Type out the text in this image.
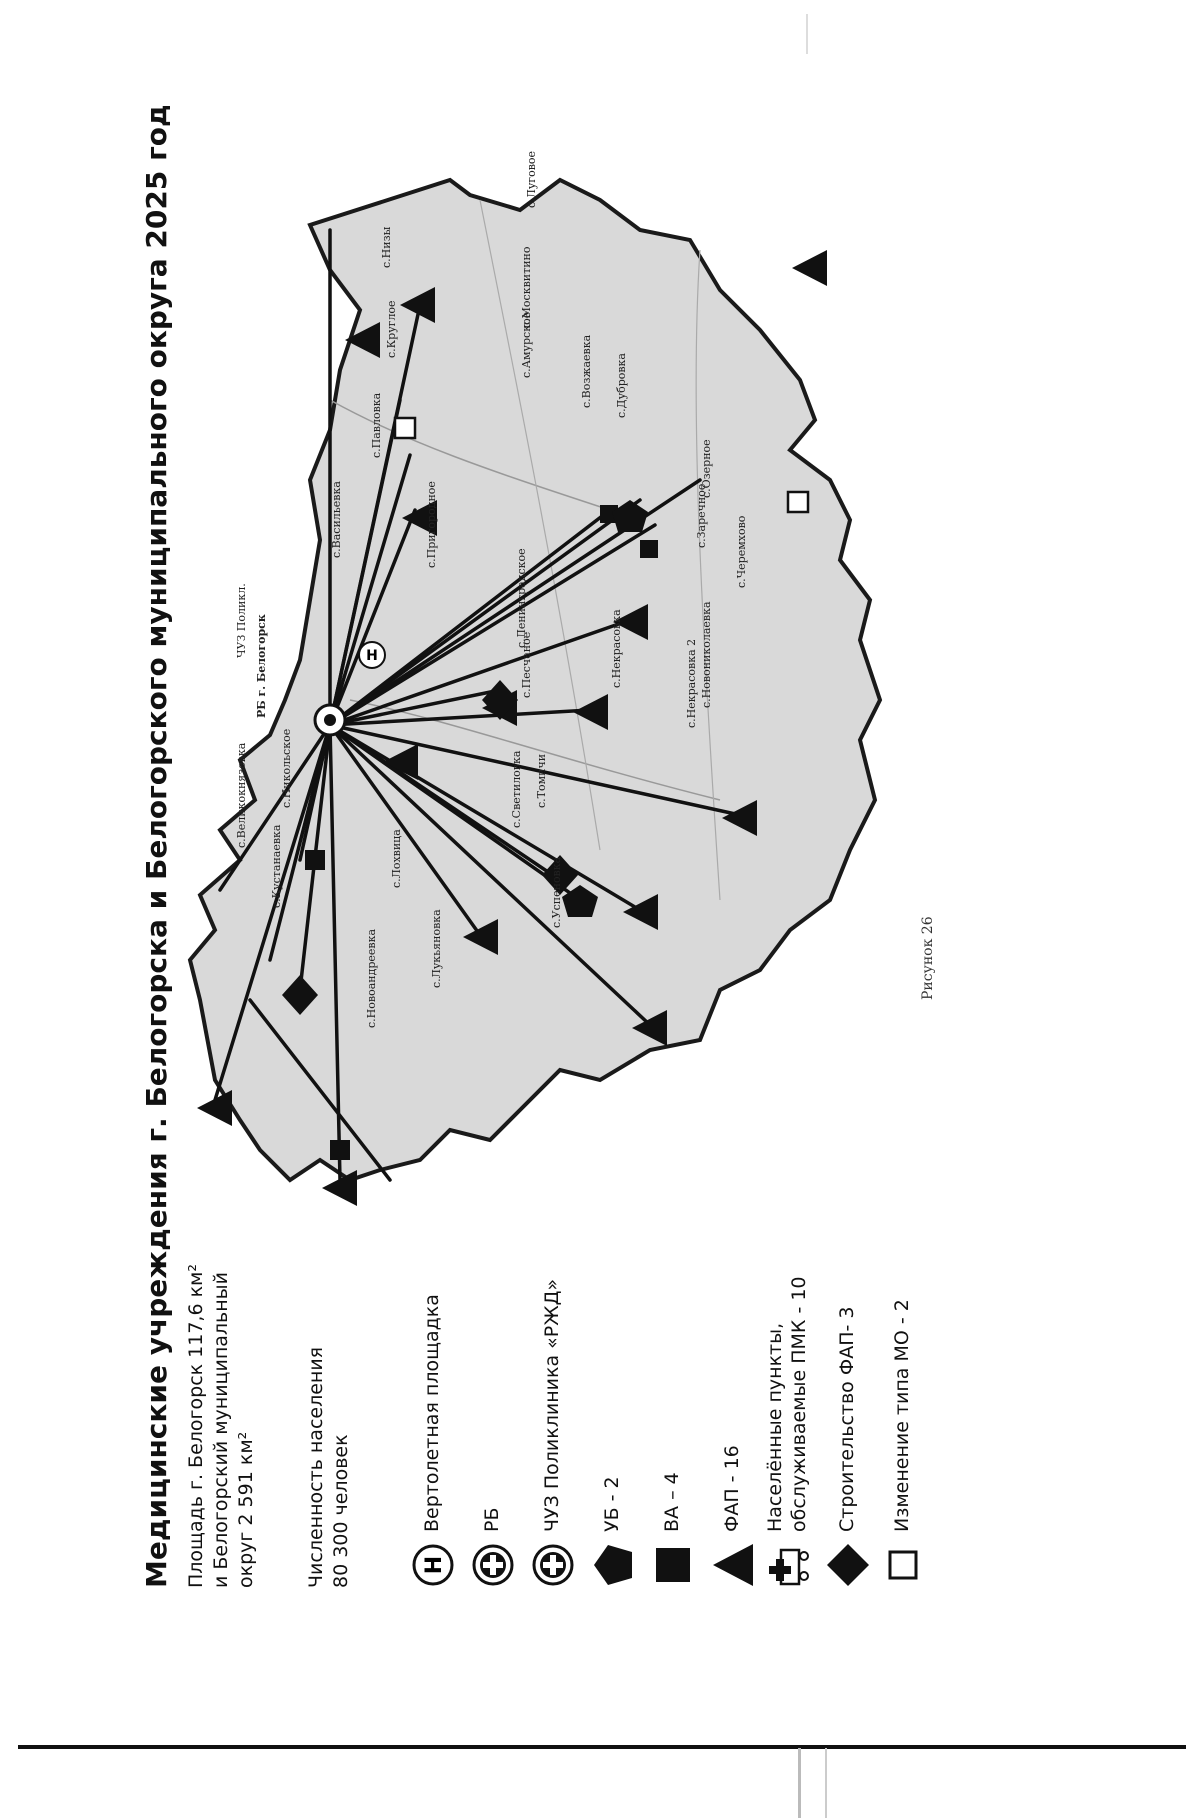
H
Медицинские учреждения г. Белогорска и Белогорского муниципального округа 2025 год Площадь г. Белогорск 117,6 км² и Белогорский муниципальный округ 2 591 км²	Численность населения 80 300 человек	H
Вертолетная площадка РБ ЧУЗ Поликлиника «РЖД» УБ - 2 ВА – 4 ФАП - 16 Населённые пункты, обслуживаемые ПМК - 10 Строительство ФАП- 3 Изменение типа МО - 2
РБ г. Белогорск
ЧУЗ Поликл.
с.Новоандреевка
с.Некрасовка
с.Никольское
с.Васильевка
с.Павловка
с.Круглое
с.Низы
с.Лохвица
с.Ленинградское
с.Дубровка
с.Заречное
с.Озерное
с.Новониколаевка
с.Лукьяновка
с.Томичи
с.Амурское
с.Пригородное
с.Светиловка
с.Кустанаевка
с.Возжаевка
с.Песчаное
с.Успеновка
с.Москвитино
с.Луговое
с.Великокнязевка
с.Некрасовка 2
с.Черемхово
Рисунок 26
